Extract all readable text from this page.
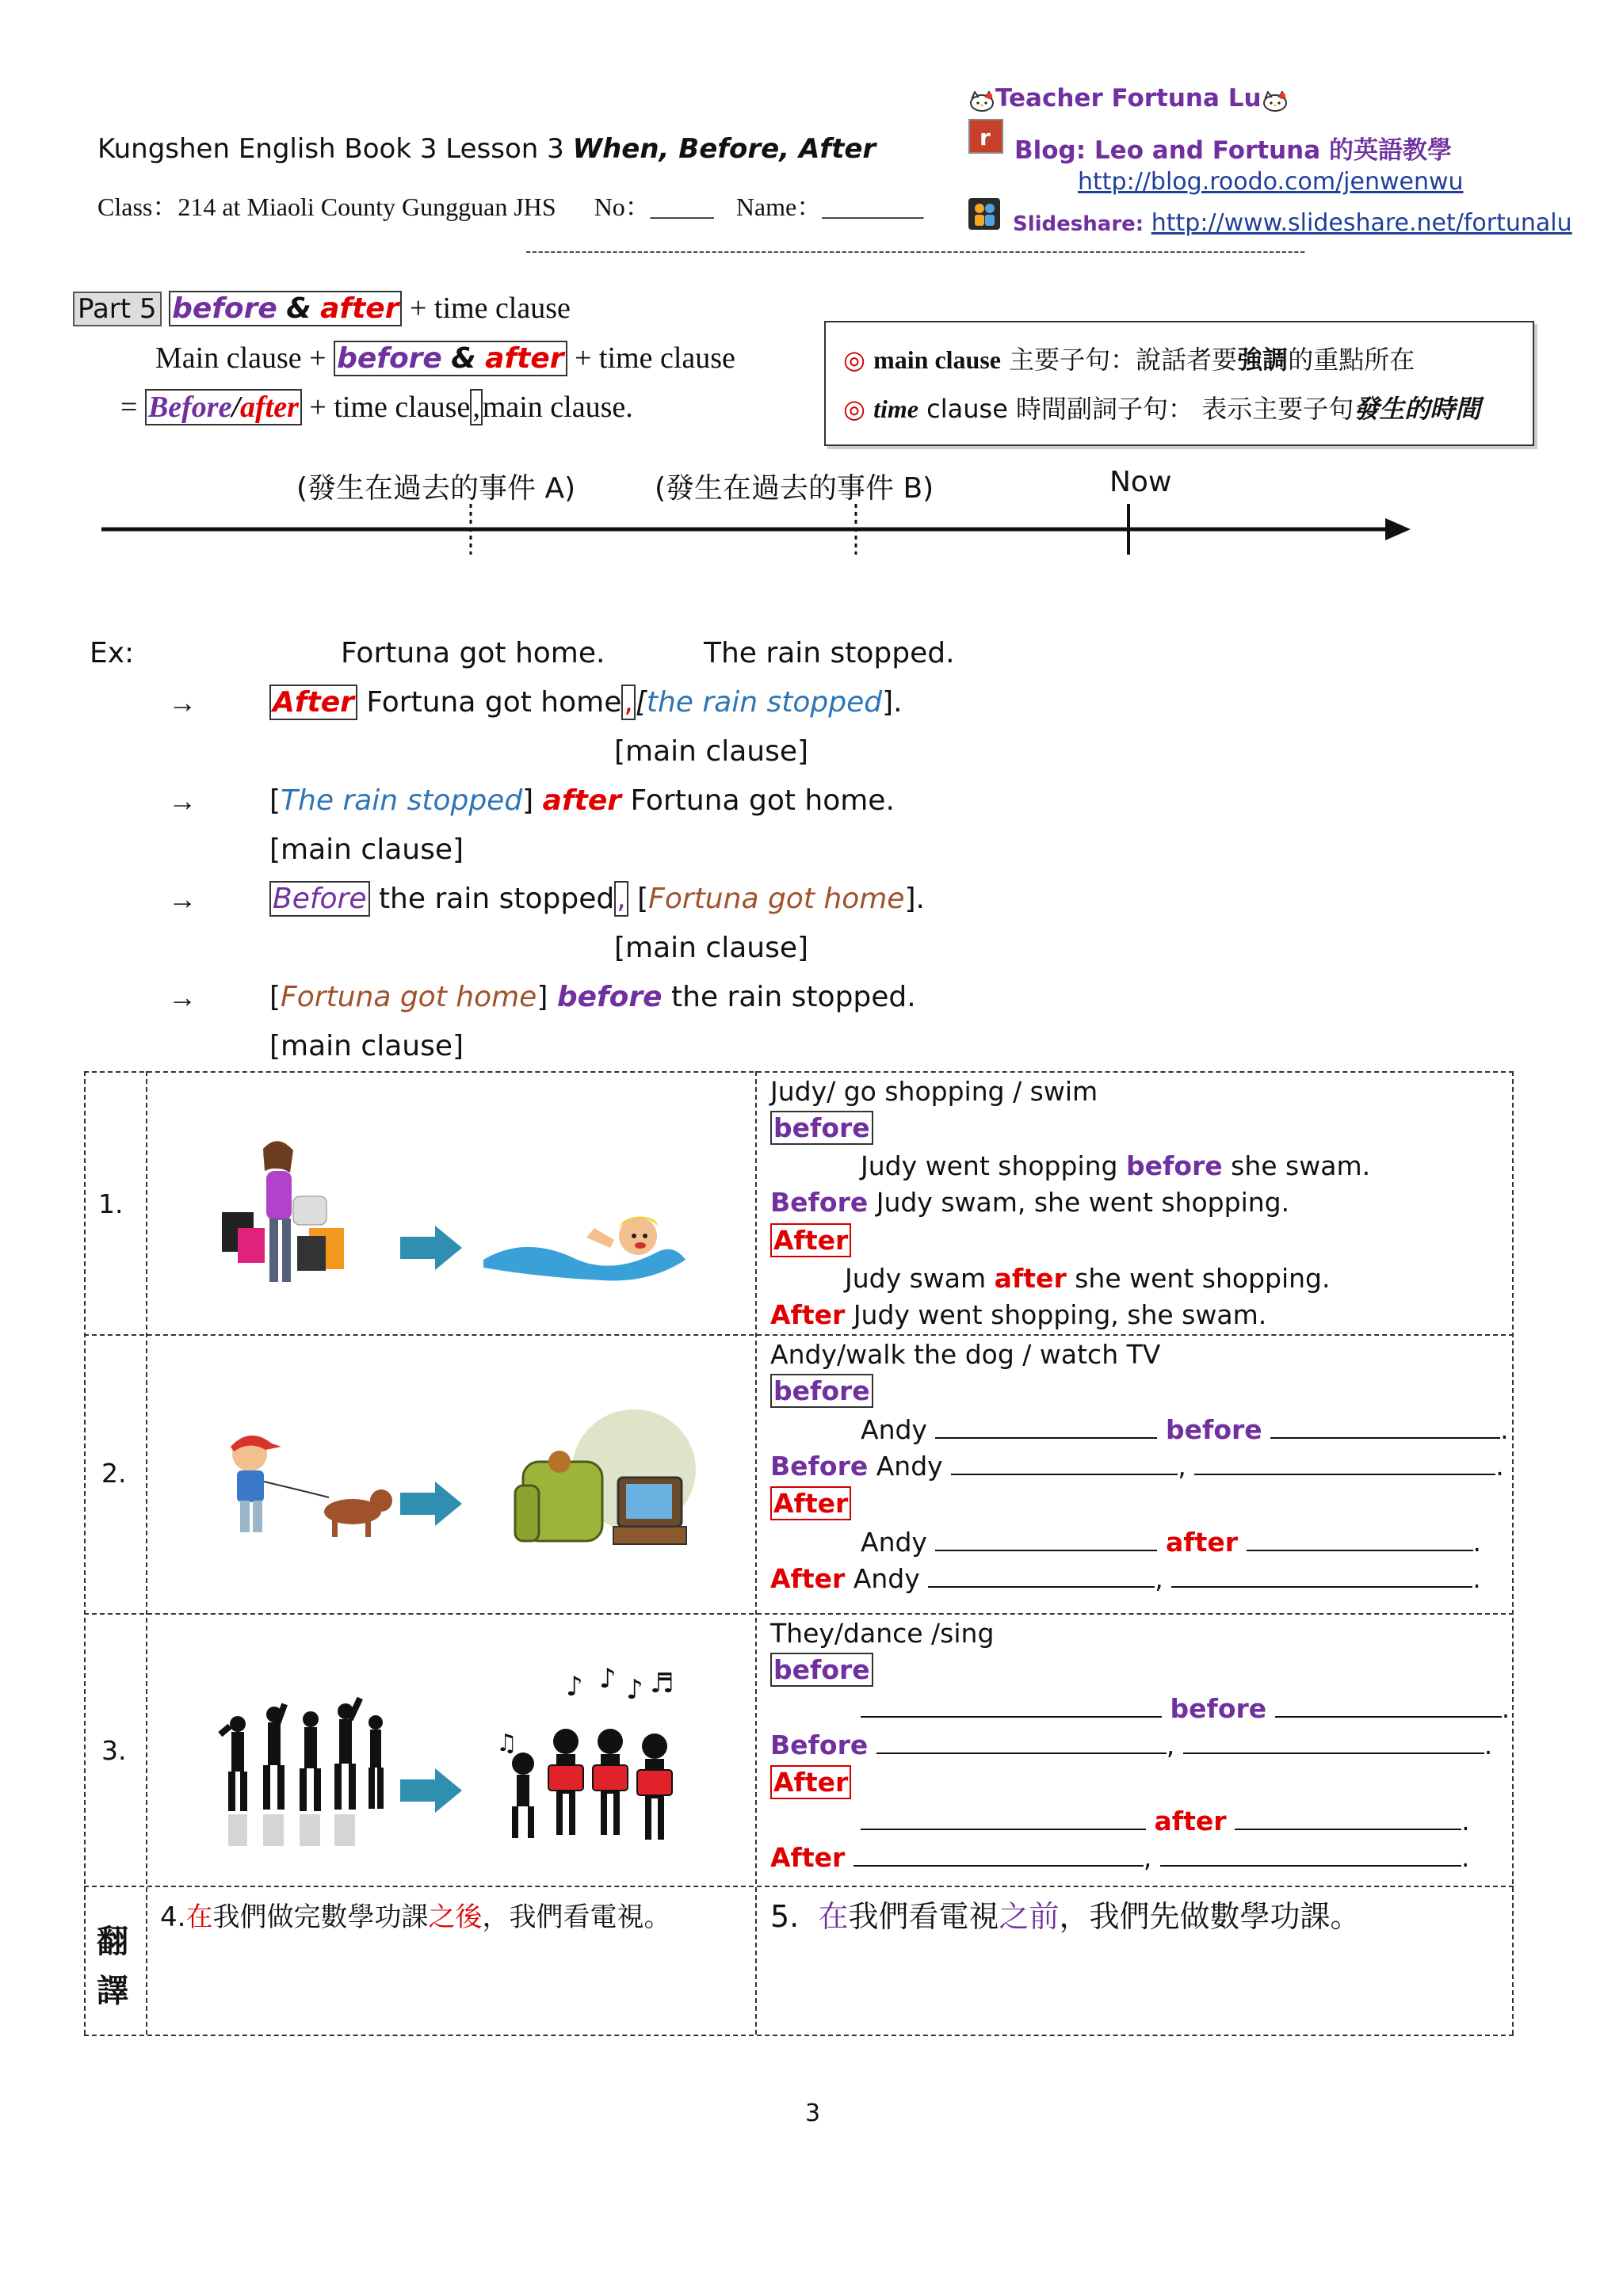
Kungshen English Book 3 Lesson 3 When, Before, After
Class：214 at Miaoli County Gungguan JHS No：_____ Name：________
Teacher Fortuna Lu
r Blog: Leo and Fortuna 的英語教學
http://blog.roodo.com/jenwenwu
Slideshare: http://www.slideshare.net/fortunalu
------------------------------------------------------------------------------------------------------------------------------
Part 5 before & after + time clause
Main clause + before & after + time clause
= Before/after + time clause,main clause.
◎ main clause 主要子句：說話者要強調的重點所在
◎ time clause 時間副詞子句： 表示主要子句發生的時間
(發生在過去的事件 A)	(發生在過去的事件 B)	Now
Ex:	Fortuna got home.	The rain stopped.
→	After Fortuna got home,[the rain stopped].
[main clause]
→	[The rain stopped] after Fortuna got home.
[main clause]
→	Before the rain stopped, [Fortuna got home].
[main clause]
→	[Fortuna got home] before the rain stopped.
[main clause]
1.
Judy/ go shopping / swim
before
Judy went shopping before she swam.
Before Judy swam, she went shopping.
After
Judy swam after she went shopping.
After Judy went shopping, she swam.
2.
Andy/walk the dog / watch TV
before
Andy	before	.
Before Andy	,	.
After
Andy	after	.
After Andy	,	.
3.
♪ ♪ ♪ ♬
♫
They/dance /sing
before
before	.
Before	,	.
After
after	.
After	,	.
翻
譯
4.在我們做完數學功課之後，我們看電視。	5. 在我們看電視之前，我們先做數學功課。
3
